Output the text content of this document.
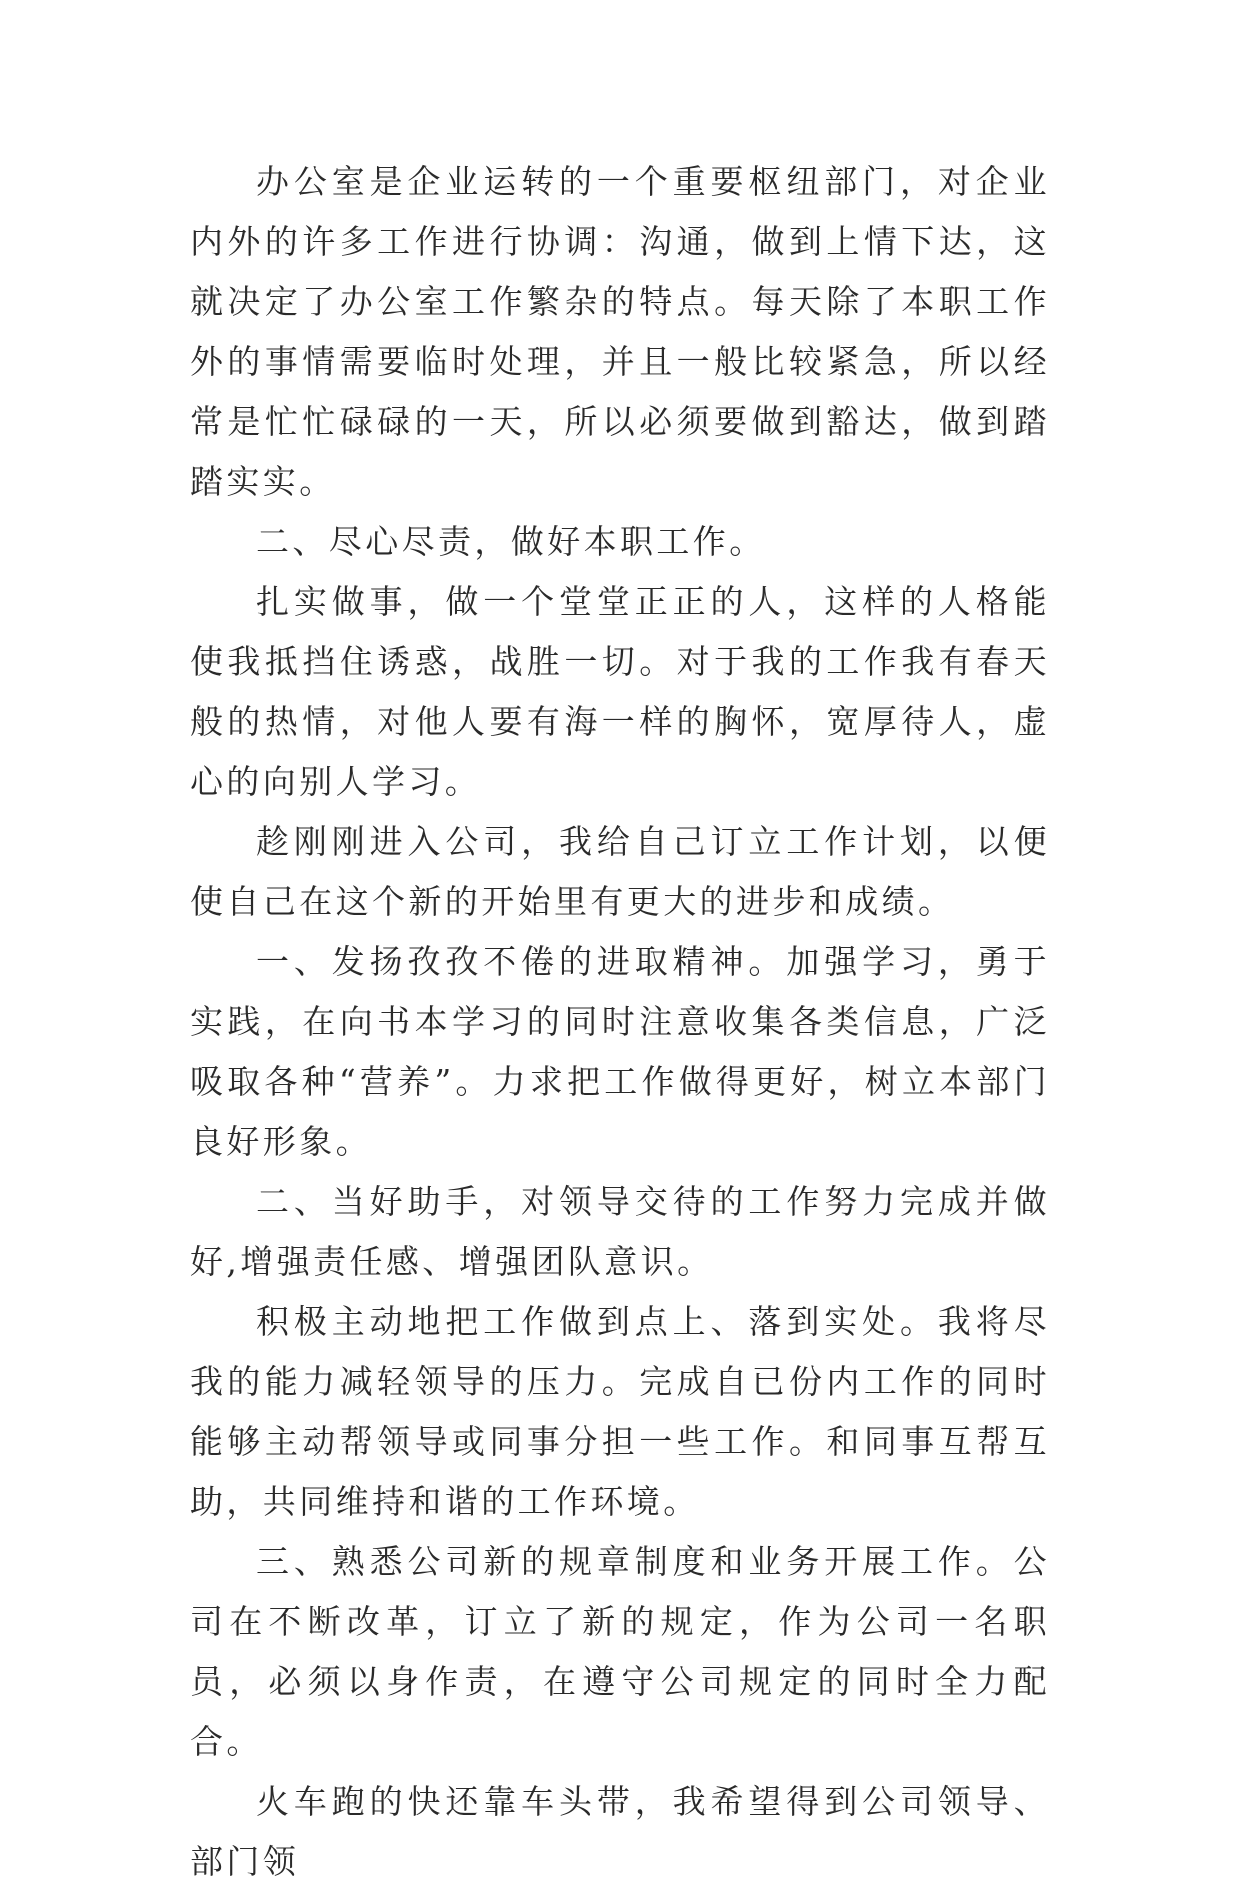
办公室是企业运转的一个重要枢纽部门，对企业内外的许多工作进行协调：沟通，做到上情下达，这就决定了办公室工作繁杂的特点。每天除了本职工作外的事情需要临时处理，并且一般比较紧急，所以经常是忙忙碌碌的一天，所以必须要做到豁达，做到踏踏实实。

二、尽心尽责，做好本职工作。

扎实做事，做一个堂堂正正的人，这样的人格能使我抵挡住诱惑，战胜一切。对于我的工作我有春天般的热情，对他人要有海一样的胸怀，宽厚待人，虚心的向别人学习。

趁刚刚进入公司，我给自己订立工作计划，以便使自己在这个新的开始里有更大的进步和成绩。

一、发扬孜孜不倦的进取精神。加强学习，勇于实践，在向书本学习的同时注意收集各类信息，广泛吸取各种“营养”。力求把工作做得更好，树立本部门良好形象。

二、当好助手，对领导交待的工作努力完成并做好,增强责任感、增强团队意识。

积极主动地把工作做到点上、落到实处。我将尽我的能力减轻领导的压力。完成自已份内工作的同时能够主动帮领导或同事分担一些工作。和同事互帮互助，共同维持和谐的工作环境。

三、熟悉公司新的规章制度和业务开展工作。公司在不断改革，订立了新的规定，作为公司一名职员，必须以身作责，在遵守公司规定的同时全力配合。

火车跑的快还靠车头带，我希望得到公司领导、部门领
